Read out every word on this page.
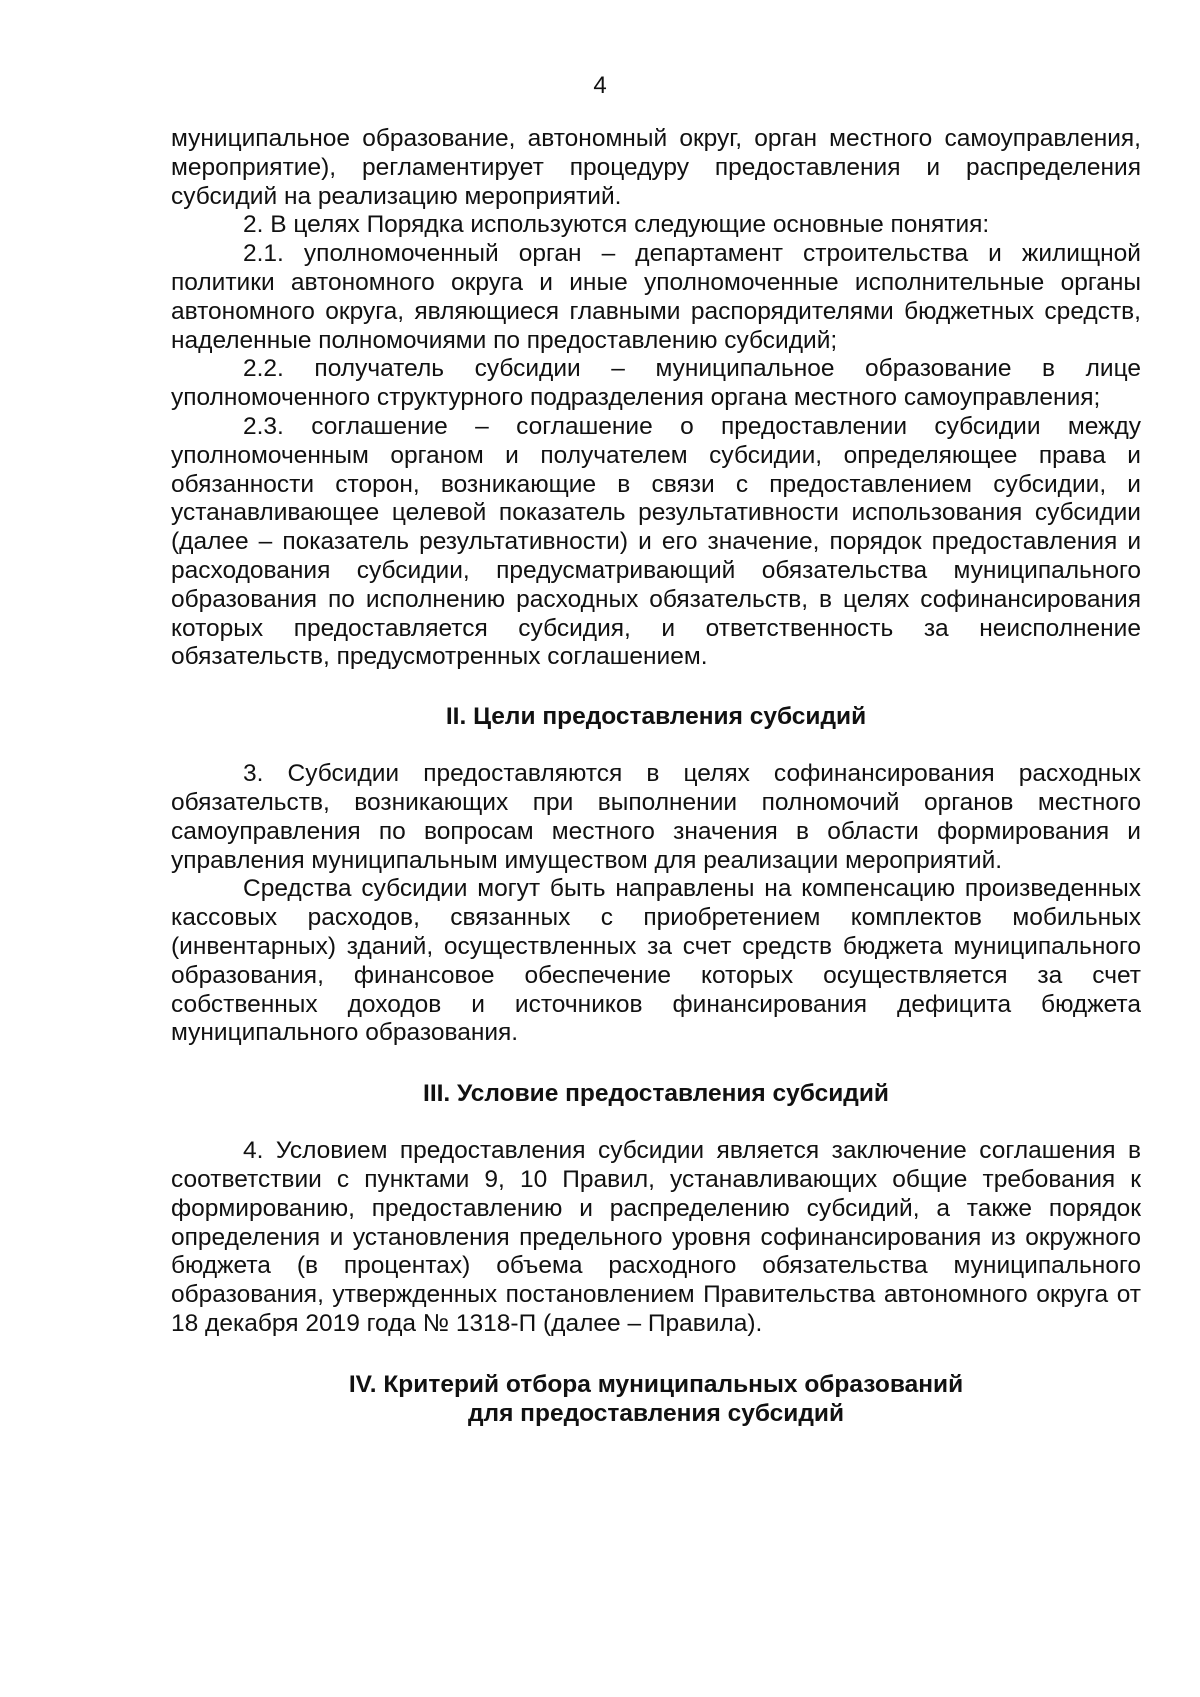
4

муниципальное образование, автономный округ, орган местного самоуправления, мероприятие), регламентирует процедуру предоставления и распределения субсидий на реализацию мероприятий.

2. В целях Порядка используются следующие основные понятия:

2.1. уполномоченный орган – департамент строительства и жилищной политики автономного округа и иные уполномоченные исполнительные органы автономного округа, являющиеся главными распорядителями бюджетных средств, наделенные полномочиями по предоставлению субсидий;

2.2. получатель субсидии – муниципальное образование в лице уполномоченного структурного подразделения органа местного самоуправления;

2.3. соглашение – соглашение о предоставлении субсидии между уполномоченным органом и получателем субсидии, определяющее права и обязанности сторон, возникающие в связи с предоставлением субсидии, и устанавливающее целевой показатель результативности использования субсидии (далее – показатель результативности) и его значение, порядок предоставления и расходования субсидии, предусматривающий обязательства муниципального образования по исполнению расходных обязательств, в целях софинансирования которых предоставляется субсидия, и ответственность за неисполнение обязательств, предусмотренных соглашением.

II. Цели предоставления субсидий

3. Субсидии предоставляются в целях софинансирования расходных обязательств, возникающих при выполнении полномочий органов местного самоуправления по вопросам местного значения в области формирования и управления муниципальным имуществом для реализации мероприятий.

Средства субсидии могут быть направлены на компенсацию произведенных кассовых расходов, связанных с приобретением комплектов мобильных (инвентарных) зданий, осуществленных за счет средств бюджета муниципального образования, финансовое обеспечение которых осуществляется за счет собственных доходов и источников финансирования дефицита бюджета муниципального образования.

III. Условие предоставления субсидий

4. Условием предоставления субсидии является заключение соглашения в соответствии с пунктами 9, 10 Правил, устанавливающих общие требования к формированию, предоставлению и распределению субсидий, а также порядок определения и установления предельного уровня софинансирования из окружного бюджета (в процентах) объема расходного обязательства муниципального образования, утвержденных постановлением Правительства автономного округа от 18 декабря 2019 года № 1318-П (далее – Правила).

IV. Критерий отбора муниципальных образований
для предоставления субсидий
